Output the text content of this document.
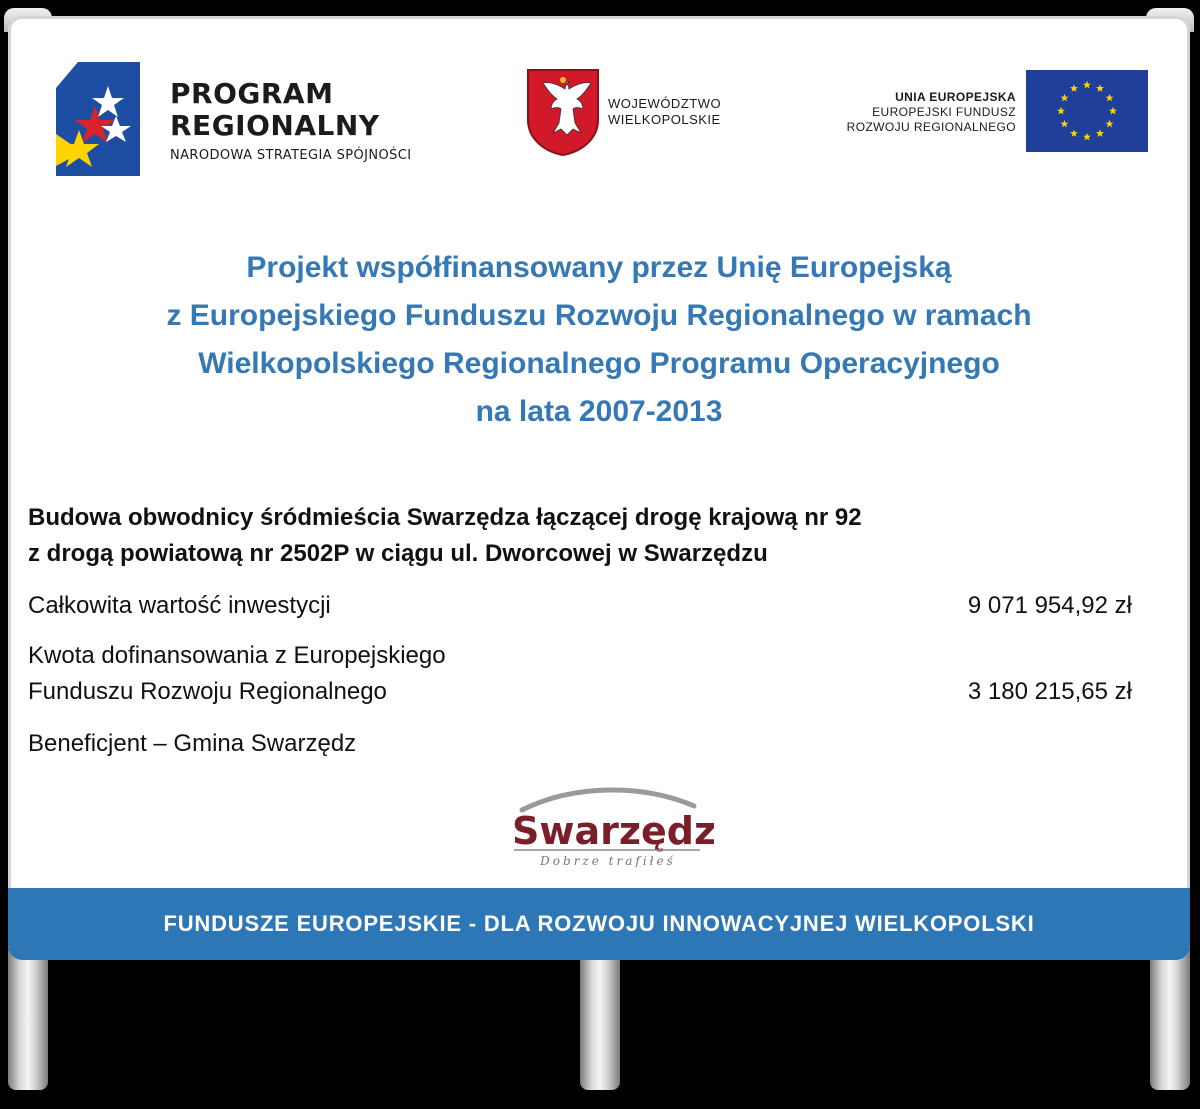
PROGRAM
REGIONALNY
NARODOWA STRATEGIA SPÓJNOŚCI
WOJEWÓDZTWO
WIELKOPOLSKIE
UNIA EUROPEJSKA
EUROPEJSKI FUNDUSZ
ROZWOJU REGIONALNEGO
Projekt współfinansowany przez Unię Europejską
z Europejskiego Funduszu Rozwoju Regionalnego w ramach
Wielkopolskiego Regionalnego Programu Operacyjnego
na lata 2007-2013
Budowa obwodnicy śródmieścia Swarzędza łączącej drogę krajową nr 92
z drogą powiatową nr 2502P w ciągu ul. Dworcowej w Swarzędzu
Całkowita wartość inwestycji	9 071 954,92 zł
Kwota dofinansowania z Europejskiego
Funduszu Rozwoju Regionalnego	3 180 215,65 zł
Beneficjent – Gmina Swarzędz
Swarzędz
Dobrze trafiłeś
FUNDUSZE EUROPEJSKIE - DLA ROZWOJU INNOWACYJNEJ WIELKOPOLSKI
